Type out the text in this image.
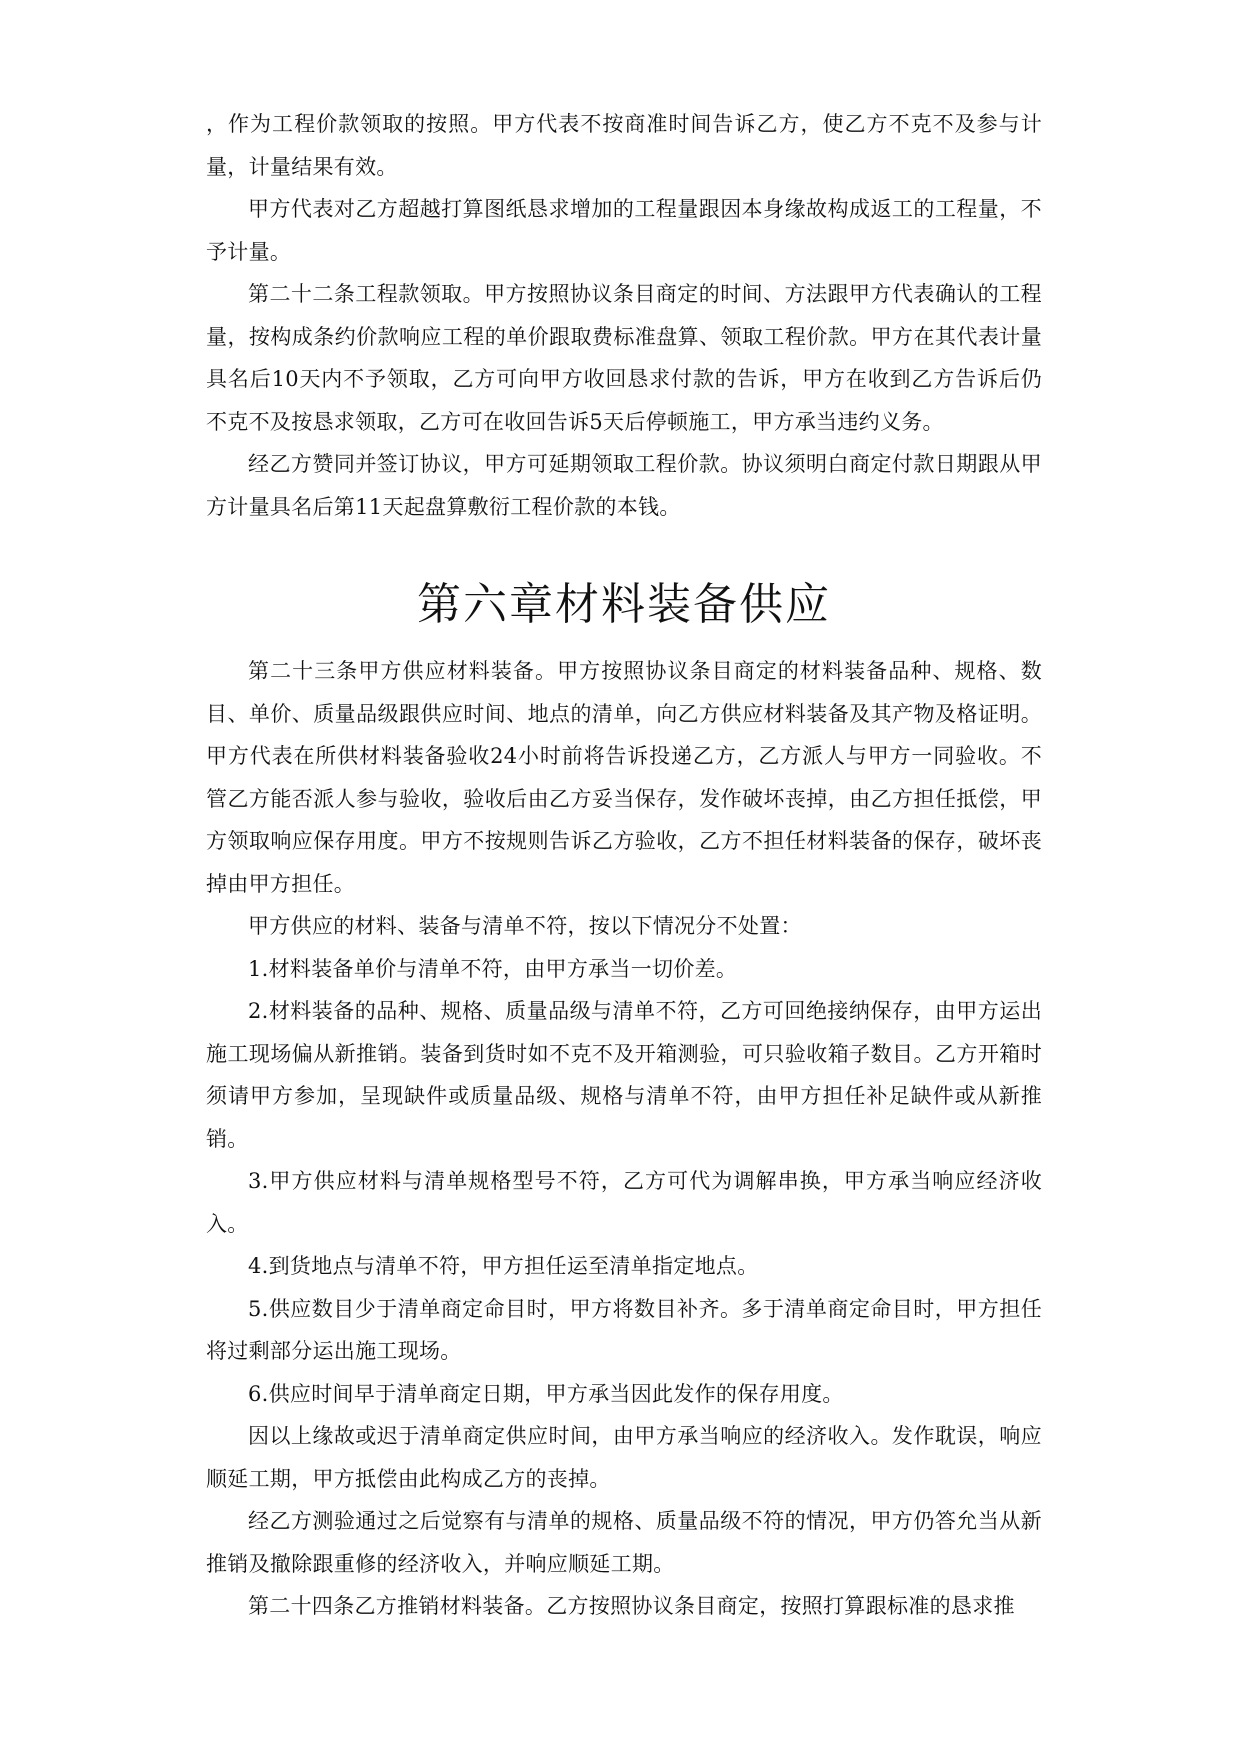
，作为工程价款领取的按照。甲方代表不按商准时间告诉乙方，使乙方不克不及参与计量，计量结果有效。

甲方代表对乙方超越打算图纸恳求增加的工程量跟因本身缘故构成返工的工程量，不予计量。

第二十二条工程款领取。甲方按照协议条目商定的时间、方法跟甲方代表确认的工程量，按构成条约价款响应工程的单价跟取费标准盘算、领取工程价款。甲方在其代表计量具名后10天内不予领取，乙方可向甲方收回恳求付款的告诉，甲方在收到乙方告诉后仍不克不及按恳求领取，乙方可在收回告诉5天后停顿施工，甲方承当违约义务。

经乙方赞同并签订协议，甲方可延期领取工程价款。协议须明白商定付款日期跟从甲方计量具名后第11天起盘算敷衍工程价款的本钱。

第六章材料装备供应

第二十三条甲方供应材料装备。甲方按照协议条目商定的材料装备品种、规格、数目、单价、质量品级跟供应时间、地点的清单，向乙方供应材料装备及其产物及格证明。甲方代表在所供材料装备验收24小时前将告诉投递乙方，乙方派人与甲方一同验收。不管乙方能否派人参与验收，验收后由乙方妥当保存，发作破坏丧掉，由乙方担任抵偿，甲方领取响应保存用度。甲方不按规则告诉乙方验收，乙方不担任材料装备的保存，破坏丧掉由甲方担任。

甲方供应的材料、装备与清单不符，按以下情况分不处置：

1.材料装备单价与清单不符，由甲方承当一切价差。

2.材料装备的品种、规格、质量品级与清单不符，乙方可回绝接纳保存，由甲方运出施工现场偏从新推销。装备到货时如不克不及开箱测验，可只验收箱子数目。乙方开箱时须请甲方参加，呈现缺件或质量品级、规格与清单不符，由甲方担任补足缺件或从新推销。

3.甲方供应材料与清单规格型号不符，乙方可代为调解串换，甲方承当响应经济收入。

4.到货地点与清单不符，甲方担任运至清单指定地点。

5.供应数目少于清单商定命目时，甲方将数目补齐。多于清单商定命目时，甲方担任将过剩部分运出施工现场。

6.供应时间早于清单商定日期，甲方承当因此发作的保存用度。

因以上缘故或迟于清单商定供应时间，由甲方承当响应的经济收入。发作耽误，响应顺延工期，甲方抵偿由此构成乙方的丧掉。

经乙方测验通过之后觉察有与清单的规格、质量品级不符的情况，甲方仍答允当从新推销及撤除跟重修的经济收入，并响应顺延工期。

第二十四条乙方推销材料装备。乙方按照协议条目商定，按照打算跟标准的恳求推
